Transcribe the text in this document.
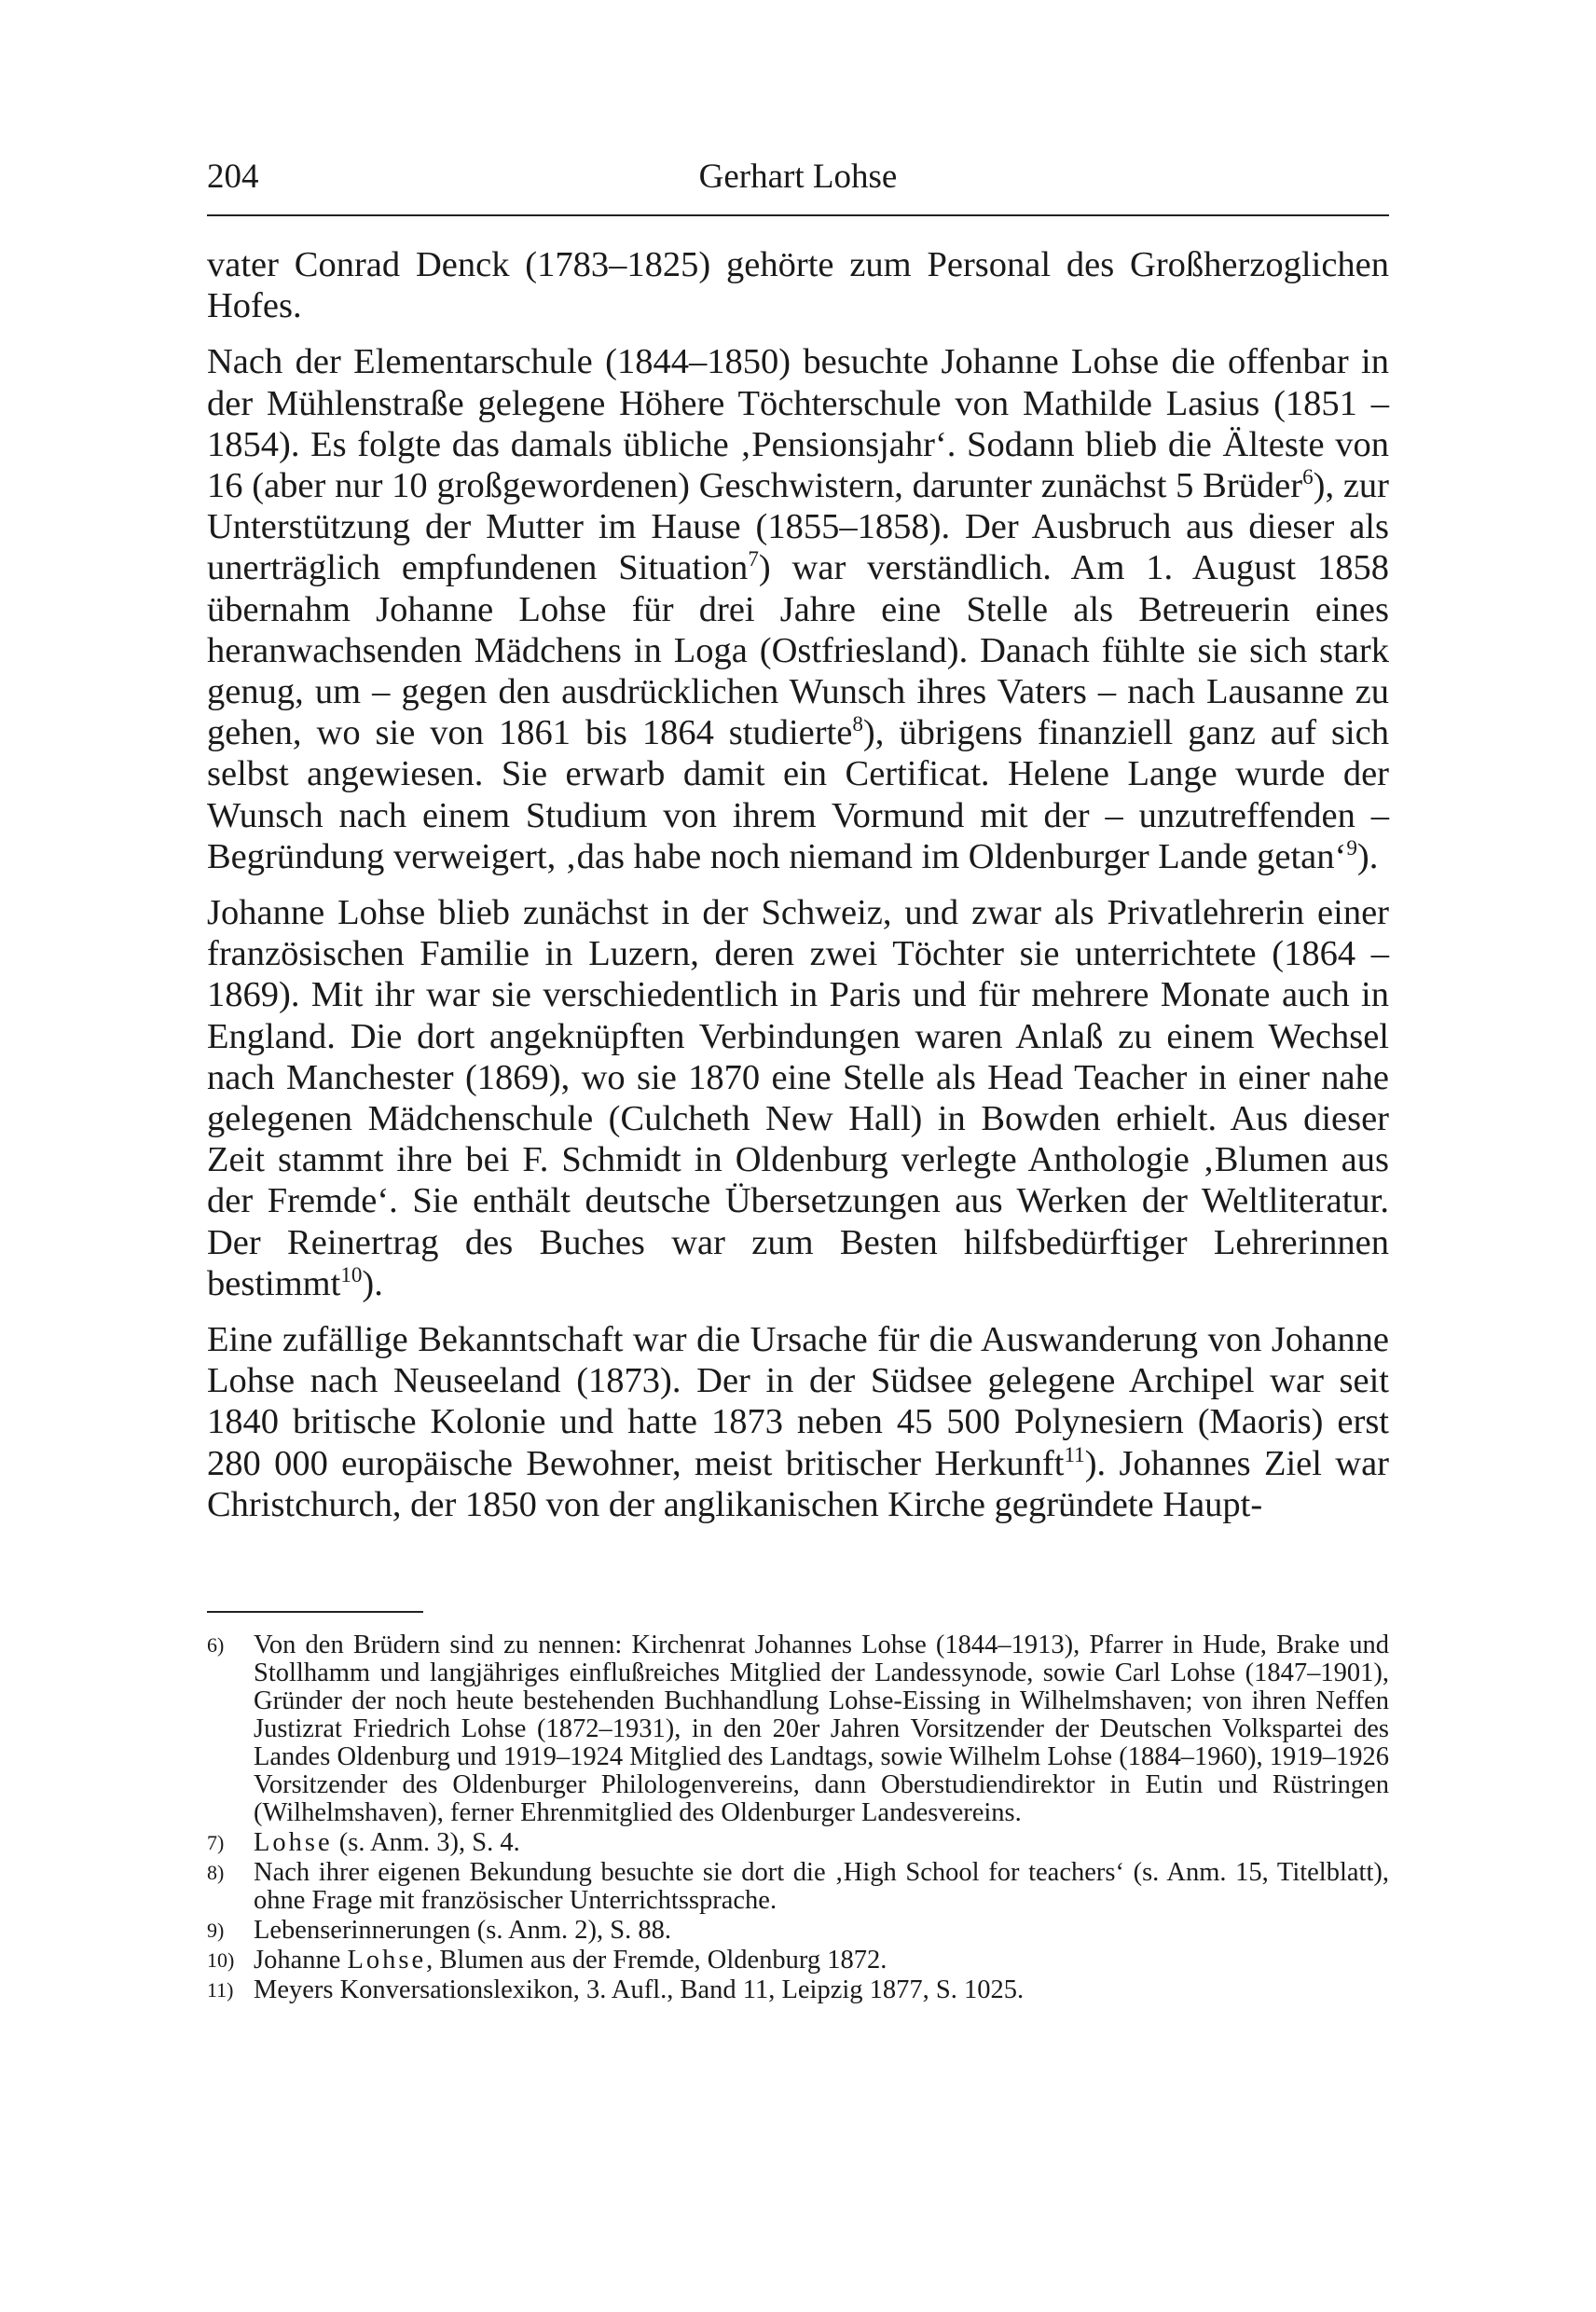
204	Gerhart Lohse

vater Conrad Denck (1783–1825) gehörte zum Personal des Großherzoglichen Hofes.

Nach der Elementarschule (1844–1850) besuchte Johanne Lohse die offenbar in der Mühlenstraße gelegene Höhere Töchterschule von Mathilde Lasius (1851 – 1854). Es folgte das damals übliche ‚Pensionsjahr‘. Sodann blieb die Älteste von 16 (aber nur 10 großgewordenen) Geschwistern, darunter zunächst 5 Brüder$^6$), zur Unterstützung der Mutter im Hause (1855–1858). Der Ausbruch aus dieser als unerträglich empfundenen Situation$^7$) war verständlich. Am 1. August 1858 übernahm Johanne Lohse für drei Jahre eine Stelle als Betreuerin eines heranwachsenden Mädchens in Loga (Ostfriesland). Danach fühlte sie sich stark genug, um – gegen den ausdrücklichen Wunsch ihres Vaters – nach Lausanne zu gehen, wo sie von 1861 bis 1864 studierte$^8$), übrigens finanziell ganz auf sich selbst angewiesen. Sie erwarb damit ein Certificat. Helene Lange wurde der Wunsch nach einem Studium von ihrem Vormund mit der – unzutreffenden – Begründung verweigert, ‚das habe noch niemand im Oldenburger Lande getan‘$^9$).

Johanne Lohse blieb zunächst in der Schweiz, und zwar als Privatlehrerin einer französischen Familie in Luzern, deren zwei Töchter sie unterrichtete (1864 – 1869). Mit ihr war sie verschiedentlich in Paris und für mehrere Monate auch in England. Die dort angeknüpften Verbindungen waren Anlaß zu einem Wechsel nach Manchester (1869), wo sie 1870 eine Stelle als Head Teacher in einer nahe gelegenen Mädchenschule (Culcheth New Hall) in Bowden erhielt. Aus dieser Zeit stammt ihre bei F. Schmidt in Oldenburg verlegte Anthologie ‚Blumen aus der Fremde‘. Sie enthält deutsche Übersetzungen aus Werken der Weltliteratur. Der Reinertrag des Buches war zum Besten hilfsbedürftiger Lehrerinnen bestimmt$^{10}$).

Eine zufällige Bekanntschaft war die Ursache für die Auswanderung von Johanne Lohse nach Neuseeland (1873). Der in der Südsee gelegene Archipel war seit 1840 britische Kolonie und hatte 1873 neben 45 500 Polynesiern (Maoris) erst 280 000 europäische Bewohner, meist britischer Herkunft$^{11}$). Johannes Ziel war Christchurch, der 1850 von der anglikanischen Kirche gegründete Haupt-

6) Von den Brüdern sind zu nennen: Kirchenrat Johannes Lohse (1844–1913), Pfarrer in Hude, Brake und Stollhamm und langjähriges einflußreiches Mitglied der Landessynode, sowie Carl Lohse (1847–1901), Gründer der noch heute bestehenden Buchhandlung Lohse-Eissing in Wilhelmshaven; von ihren Neffen Justizrat Friedrich Lohse (1872–1931), in den 20er Jahren Vorsitzender der Deutschen Volkspartei des Landes Oldenburg und 1919–1924 Mitglied des Landtags, sowie Wilhelm Lohse (1884–1960), 1919–1926 Vorsitzender des Oldenburger Philologenvereins, dann Oberstudiendirektor in Eutin und Rüstringen (Wilhelmshaven), ferner Ehrenmitglied des Oldenburger Landesvereins.
7) Lohse (s. Anm. 3), S. 4.
8) Nach ihrer eigenen Bekundung besuchte sie dort die ‚High School for teachers‘ (s. Anm. 15, Titelblatt), ohne Frage mit französischer Unterrichtssprache.
9) Lebenserinnerungen (s. Anm. 2), S. 88.
10) Johanne Lohse, Blumen aus der Fremde, Oldenburg 1872.
11) Meyers Konversationslexikon, 3. Aufl., Band 11, Leipzig 1877, S. 1025.
